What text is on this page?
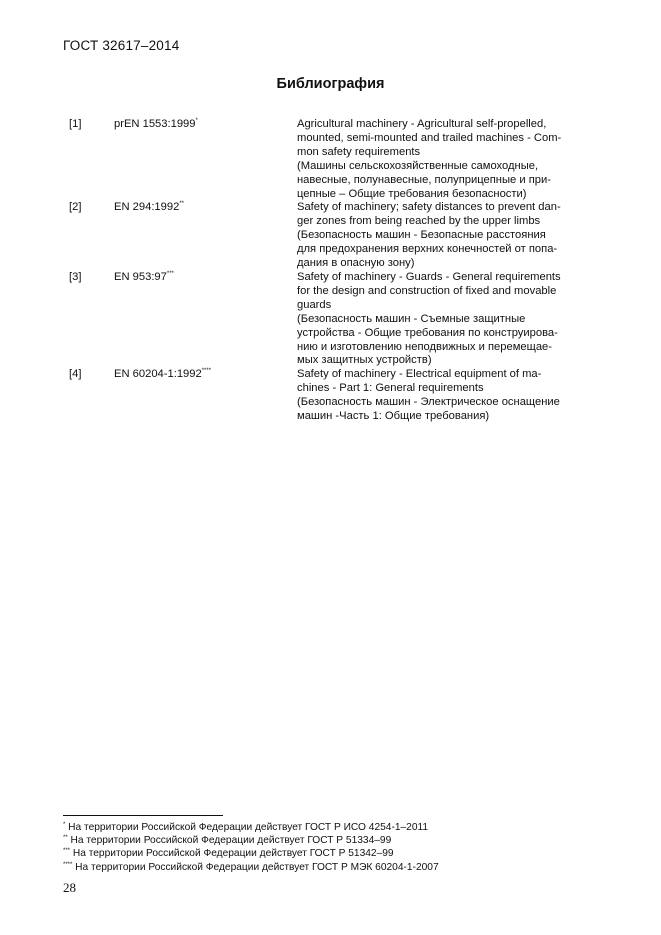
ГОСТ 32617–2014
Библиография
[1]	prEN 1553:1999*	Agricultural machinery - Agricultural self-propelled,
mounted, semi-mounted and trailed machines - Com-
mon safety requirements
(Машины сельскохозяйственные самоходные,
навесные, полунавесные, полуприцепные и при-
цепные – Общие требования безопасности)
[2]	EN 294:1992**	Safety of machinery; safety distances to prevent dan-
ger zones from being reached by the upper limbs
(Безопасность машин - Безопасные расстояния
для предохранения верхних конечностей от попа-
дания в опасную зону)
[3]	EN 953:97***	Safety of machinery - Guards - General requirements
for the design and construction of fixed and movable
guards
(Безопасность машин - Съемные защитные
устройства - Общие требования по конструирова-
нию и изготовлению неподвижных и перемещае-
мых защитных устройств)
[4]	EN 60204-1:1992****	Safety of machinery - Electrical equipment of ma-
chines - Part 1: General requirements
(Безопасность машин - Электрическое оснащение
машин -Часть 1: Общие требования)
* На территории Российской Федерации действует ГОСТ Р ИСО 4254-1–2011
** На территории Российской Федерации действует ГОСТ Р 51334–99
*** На территории Российской Федерации действует ГОСТ Р 51342–99
**** На территории Российской Федерации действует ГОСТ Р МЭК 60204-1-2007
28
